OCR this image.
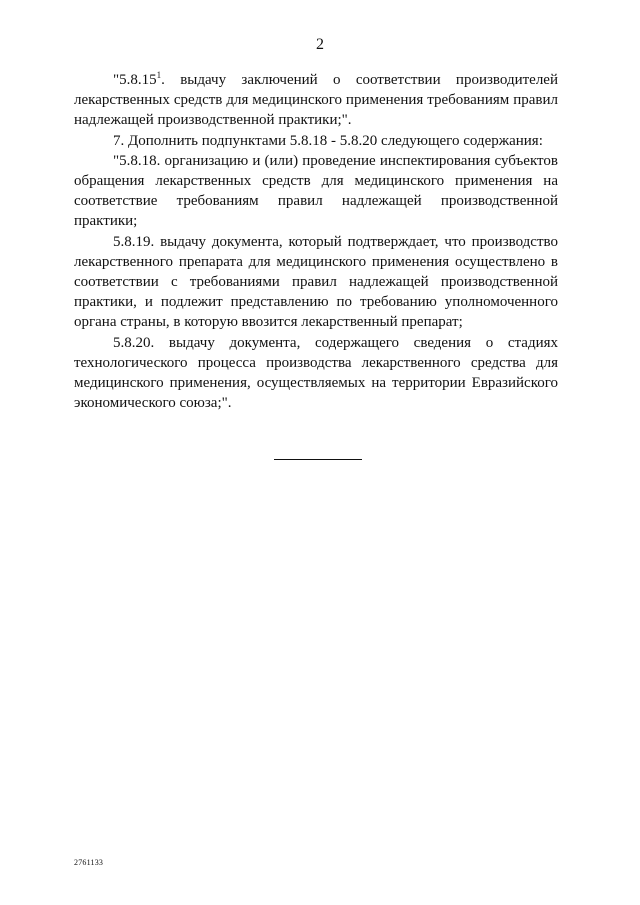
2

"5.8.15$^1$. выдачу заключений о соответствии производителей лекарственных средств для медицинского применения требованиям правил надлежащей производственной практики;".

7. Дополнить подпунктами 5.8.18 - 5.8.20 следующего содержания:

"5.8.18. организацию и (или) проведение инспектирования субъектов обращения лекарственных средств для медицинского применения на соответствие требованиям правил надлежащей производственной практики;

5.8.19. выдачу документа, который подтверждает, что производство лекарственного препарата для медицинского применения осуществлено в соответствии с требованиями правил надлежащей производственной практики, и подлежит представлению по требованию уполномоченного органа страны, в которую ввозится лекарственный препарат;

5.8.20. выдачу документа, содержащего сведения о стадиях технологического процесса производства лекарственного средства для медицинского применения, осуществляемых на территории Евразийского экономического союза;".

2761133
